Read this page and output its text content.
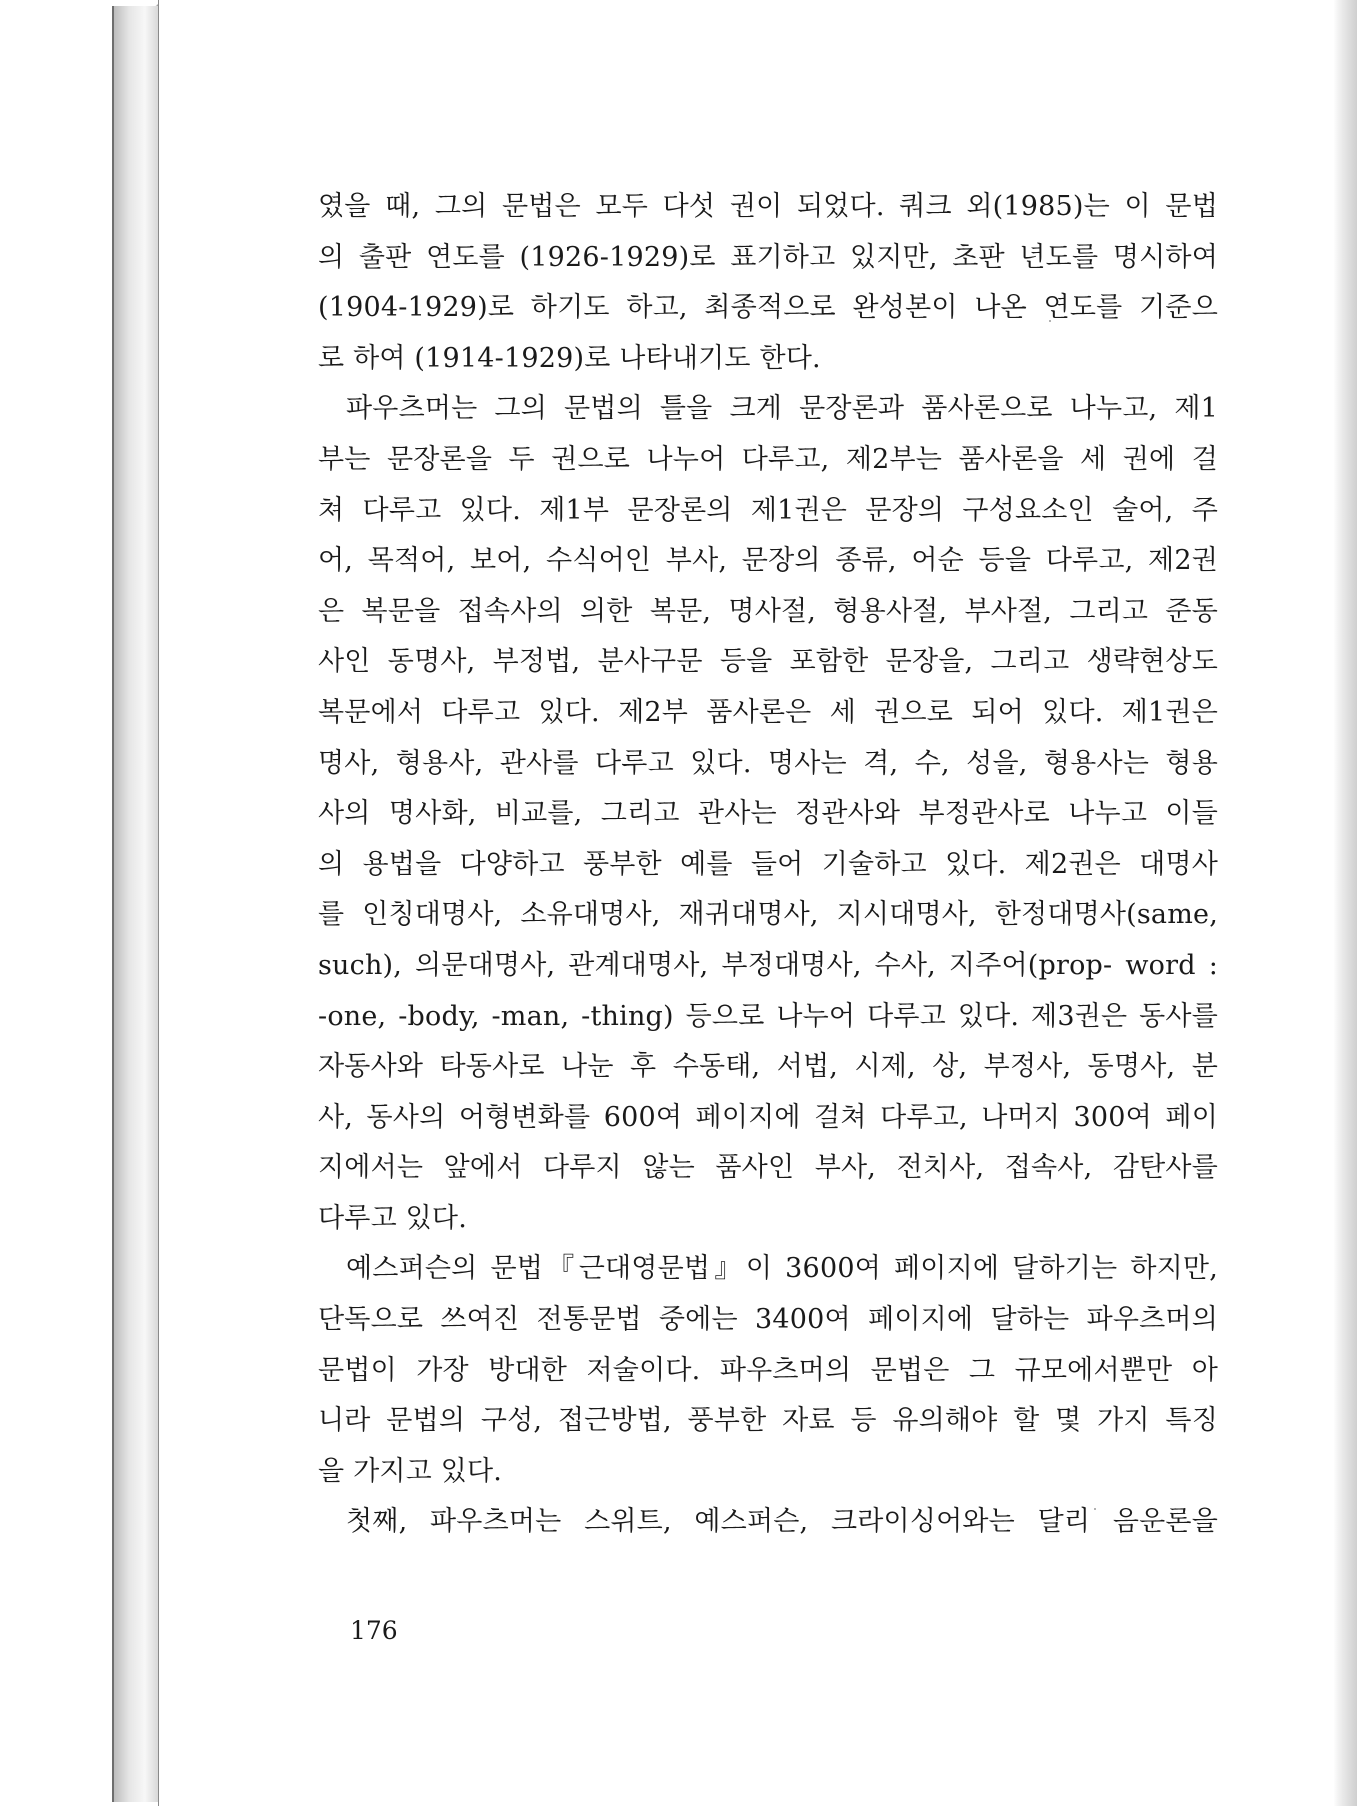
였을 때, 그의 문법은 모두 다섯 권이 되었다. 쿼크 외(1985)는 이 문법
의 출판 연도를 (1926-1929)로 표기하고 있지만, 초판 년도를 명시하여
(1904-1929)로 하기도 하고, 최종적으로 완성본이 나온 연도를 기준으
로 하여 (1914-1929)로 나타내기도 한다.
파우츠머는 그의 문법의 틀을 크게 문장론과 품사론으로 나누고, 제1
부는 문장론을 두 권으로 나누어 다루고, 제2부는 품사론을 세 권에 걸
쳐 다루고 있다. 제1부 문장론의 제1권은 문장의 구성요소인 술어, 주
어, 목적어, 보어, 수식어인 부사, 문장의 종류, 어순 등을 다루고, 제2권
은 복문을 접속사의 의한 복문, 명사절, 형용사절, 부사절, 그리고 준동
사인 동명사, 부정법, 분사구문 등을 포함한 문장을, 그리고 생략현상도
복문에서 다루고 있다. 제2부 품사론은 세 권으로 되어 있다. 제1권은
명사, 형용사, 관사를 다루고 있다. 명사는 격, 수, 성을, 형용사는 형용
사의 명사화, 비교를, 그리고 관사는 정관사와 부정관사로 나누고 이들
의 용법을 다양하고 풍부한 예를 들어 기술하고 있다. 제2권은 대명사
를 인칭대명사, 소유대명사, 재귀대명사, 지시대명사, 한정대명사(same,
such), 의문대명사, 관계대명사, 부정대명사, 수사, 지주어(prop- word :
-one, -body, -man, -thing) 등으로 나누어 다루고 있다. 제3권은 동사를
자동사와 타동사로 나눈 후 수동태, 서법, 시제, 상, 부정사, 동명사, 분
사, 동사의 어형변화를 600여 페이지에 걸쳐 다루고, 나머지 300여 페이
지에서는 앞에서 다루지 않는 품사인 부사, 전치사, 접속사, 감탄사를
다루고 있다.
예스퍼슨의 문법『근대영문법』이 3600여 페이지에 달하기는 하지만,
단독으로 쓰여진 전통문법 중에는 3400여 페이지에 달하는 파우츠머의
문법이 가장 방대한 저술이다. 파우츠머의 문법은 그 규모에서뿐만 아
니라 문법의 구성, 접근방법, 풍부한 자료 등 유의해야 할 몇 가지 특징
을 가지고 있다.
첫째, 파우츠머는 스위트, 예스퍼슨, 크라이싱어와는 달리 음운론을
176
